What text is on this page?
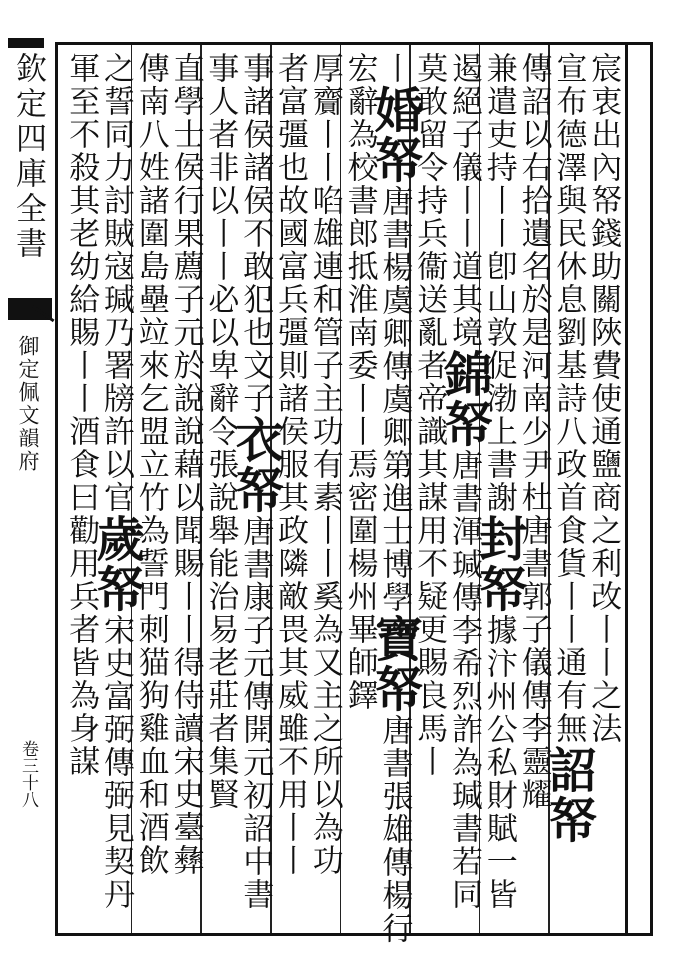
欽定四庫全書
御定佩文韻府
卷三十八
宸衷出內帑錢助關陜費使通鹽商之利改丨丨之法
宣布德澤與民休息劉基詩八政首食貨丨丨通有無詔帑
傳詔以右拾遺名於是河南少尹杜唐書郭子儀傳李靈耀
兼遣吏持丨丨卽山敦促渤上書謝封帑據汴州公私財賦一皆
遏絕子儀丨丨道其境錦帑唐書渾瑊傳李希烈詐為瑊書若同
莫敢留令持兵衞送亂者帝識其謀用不疑更賜良馬丨
丨婚帑唐書楊虞卿傳虞卿第進士博學寶帑唐書張雄傳楊行
宏辭為校書郎抵淮南委丨丨焉密圍楊州畢師鐸
厚齎丨丨啗雄連和管子主功有素丨丨奚為又主之所以為功
者富彊也故國富兵彊則諸侯服其政隣敵畏其威雖不用丨丨
事諸侯諸侯不敢犯也文子衣帑唐書康子元傳開元初詔中書
事人者非以丨丨必以卑辭令張說舉能治易老莊者集賢
直學士侯行果薦子元於說說藉以聞賜丨丨得侍讀宋史臺彝
傳南八姓諸圍島壘竝來乞盟立竹為誓門刺猫狗雞血和酒飲
之誓同力討賊寇瑊乃署牓許以官歲帑宋史富弼傳弼見契丹
軍至不殺其老幼給賜丨丨酒食曰勸用兵者皆為身謀
